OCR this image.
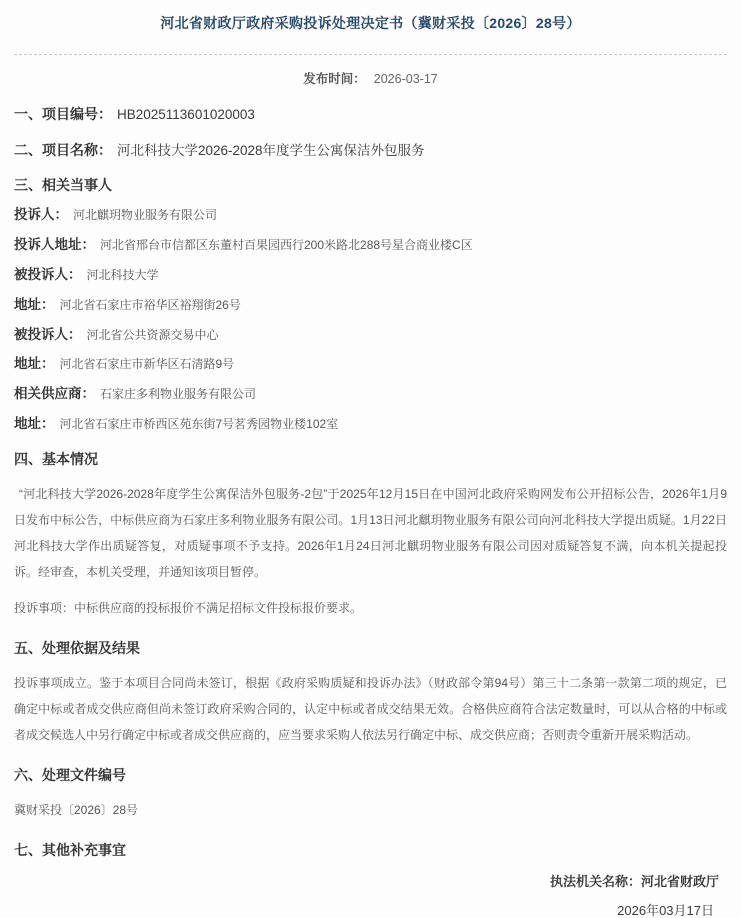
河北省财政厅政府采购投诉处理决定书（冀财采投〔2026〕28号）
发布时间： 2026-03-17
一、项目编号： HB2025113601020003
二、项目名称： 河北科技大学2026-2028年度学生公寓保洁外包服务
三、相关当事人
投诉人： 河北麒玥物业服务有限公司
投诉人地址： 河北省邢台市信都区东董村百果园西行200米路北288号星合商业楼C区
被投诉人： 河北科技大学
地址： 河北省石家庄市裕华区裕翔街26号
被投诉人： 河北省公共资源交易中心
地址： 河北省石家庄市新华区石清路9号
相关供应商： 石家庄多利物业服务有限公司
地址： 河北省石家庄市桥西区苑东街7号茗秀园物业楼102室
四、基本情况
“河北科技大学2026-2028年度学生公寓保洁外包服务-2包”于2025年12月15日在中国河北政府采购网发布公开招标公告，2026年1月9日发布中标公告，中标供应商为石家庄多利物业服务有限公司。1月13日河北麒玥物业服务有限公司向河北科技大学提出质疑。1月22日河北科技大学作出质疑答复，对质疑事项不予支持。2026年1月24日河北麒玥物业服务有限公司因对质疑答复不满，向本机关提起投诉。经审查，本机关受理，并通知该项目暂停。
投诉事项：中标供应商的投标报价不满足招标文件投标报价要求。
五、处理依据及结果
投诉事项成立。鉴于本项目合同尚未签订，根据《政府采购质疑和投诉办法》（财政部令第94号）第三十二条第一款第二项的规定，已确定中标或者成交供应商但尚未签订政府采购合同的，认定中标或者成交结果无效。合格供应商符合法定数量时，可以从合格的中标或者成交候选人中另行确定中标或者成交供应商的，应当要求采购人依法另行确定中标、成交供应商；否则责令重新开展采购活动。
六、处理文件编号
冀财采投〔2026〕28号
七、其他补充事宜
执法机关名称：河北省财政厅
2026年03月17日
